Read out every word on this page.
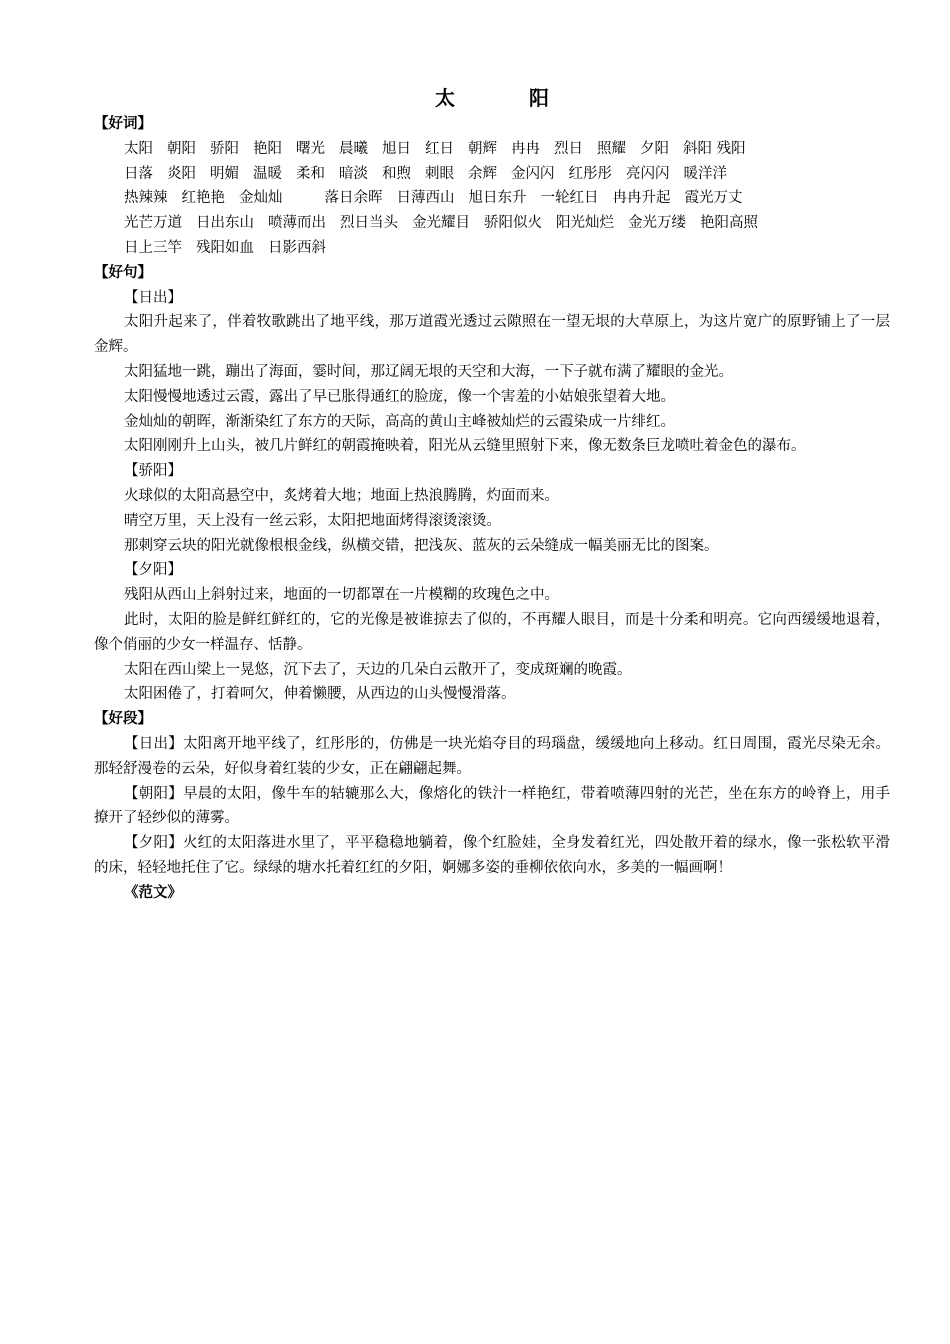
太	阳
【好词】
太阳 朝阳 骄阳 艳阳 曙光 晨曦 旭日 红日 朝辉 冉冉 烈日 照耀 夕阳 斜阳 残阳
日落 炎阳 明媚 温暖 柔和 暗淡 和煦 刺眼 余辉 金闪闪 红彤彤 亮闪闪 暖洋洋
热辣辣 红艳艳 金灿灿	落日余晖 日薄西山 旭日东升 一轮红日 冉冉升起 霞光万丈
光芒万道 日出东山 喷薄而出 烈日当头 金光耀目 骄阳似火 阳光灿烂 金光万缕 艳阳高照
日上三竿 残阳如血 日影西斜
【好句】
【日出】

太阳升起来了，伴着牧歌跳出了地平线，那万道霞光透过云隙照在一望无垠的大草原上，为这片宽广的原野铺上了一层金辉。

太阳猛地一跳，蹦出了海面，霎时间，那辽阔无垠的天空和大海，一下子就布满了耀眼的金光。

太阳慢慢地透过云霞，露出了早已胀得通红的脸庞，像一个害羞的小姑娘张望着大地。

金灿灿的朝晖，渐渐染红了东方的天际，高高的黄山主峰被灿烂的云霞染成一片绯红。

太阳刚刚升上山头，被几片鲜红的朝霞掩映着，阳光从云缝里照射下来，像无数条巨龙喷吐着金色的瀑布。

【骄阳】

火球似的太阳高悬空中，炙烤着大地；地面上热浪腾腾，灼面而来。

晴空万里，天上没有一丝云彩，太阳把地面烤得滚烫滚烫。

那刺穿云块的阳光就像根根金线，纵横交错，把浅灰、蓝灰的云朵缝成一幅美丽无比的图案。

【夕阳】

残阳从西山上斜射过来，地面的一切都罩在一片模糊的玫瑰色之中。

此时，太阳的脸是鲜红鲜红的，它的光像是被谁掠去了似的，不再耀人眼目，而是十分柔和明亮。它向西缓缓地退着，像个俏丽的少女一样温存、恬静。

太阳在西山梁上一晃悠，沉下去了，天边的几朵白云散开了，变成斑斓的晚霞。

太阳困倦了，打着呵欠，伸着懒腰，从西边的山头慢慢滑落。

【好段】

【日出】太阳离开地平线了，红彤彤的，仿佛是一块光焰夺目的玛瑙盘，缓缓地向上移动。红日周围，霞光尽染无余。那轻舒漫卷的云朵，好似身着红装的少女，正在翩翩起舞。

【朝阳】早晨的太阳，像牛车的轱辘那么大，像熔化的铁汁一样艳红，带着喷薄四射的光芒，坐在东方的岭脊上，用手撩开了轻纱似的薄雾。

【夕阳】火红的太阳落进水里了，平平稳稳地躺着，像个红脸娃，全身发着红光，四处散开着的绿水，像一张松软平滑的床，轻轻地托住了它。绿绿的塘水托着红红的夕阳，婀娜多姿的垂柳依依向水，多美的一幅画啊！

《范文》
